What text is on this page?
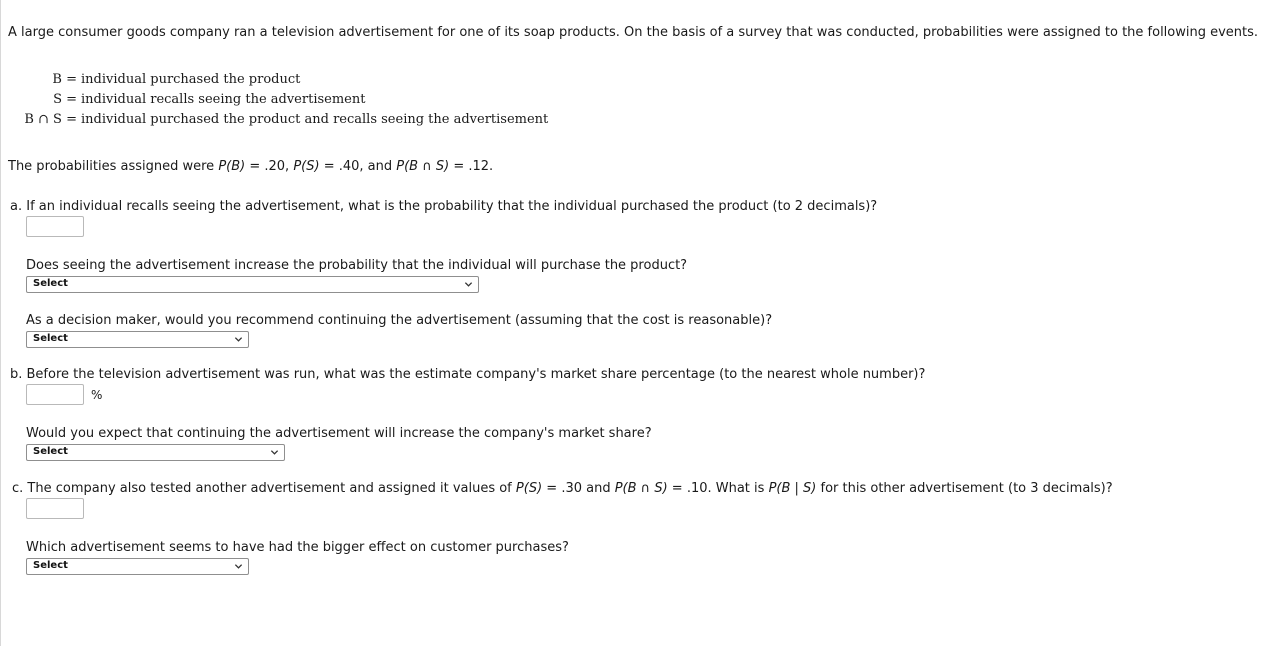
A large consumer goods company ran a television advertisement for one of its soap products. On the basis of a survey that was conducted, probabilities were assigned to the following events.
B = individual purchased the product
S = individual recalls seeing the advertisement
B ∩ S = individual purchased the product and recalls seeing the advertisement
The probabilities assigned were P(B) = .20, P(S) = .40, and P(B ∩ S) = .12.
a. If an individual recalls seeing the advertisement, what is the probability that the individual purchased the product (to 2 decimals)?
Does seeing the advertisement increase the probability that the individual will purchase the product?
Select
As a decision maker, would you recommend continuing the advertisement (assuming that the cost is reasonable)?
Select
b. Before the television advertisement was run, what was the estimate company's market share percentage (to the nearest whole number)?
%
Would you expect that continuing the advertisement will increase the company's market share?
Select
c. The company also tested another advertisement and assigned it values of P(S) = .30 and P(B ∩ S) = .10. What is P(B | S) for this other advertisement (to 3 decimals)?
Which advertisement seems to have had the bigger effect on customer purchases?
Select
